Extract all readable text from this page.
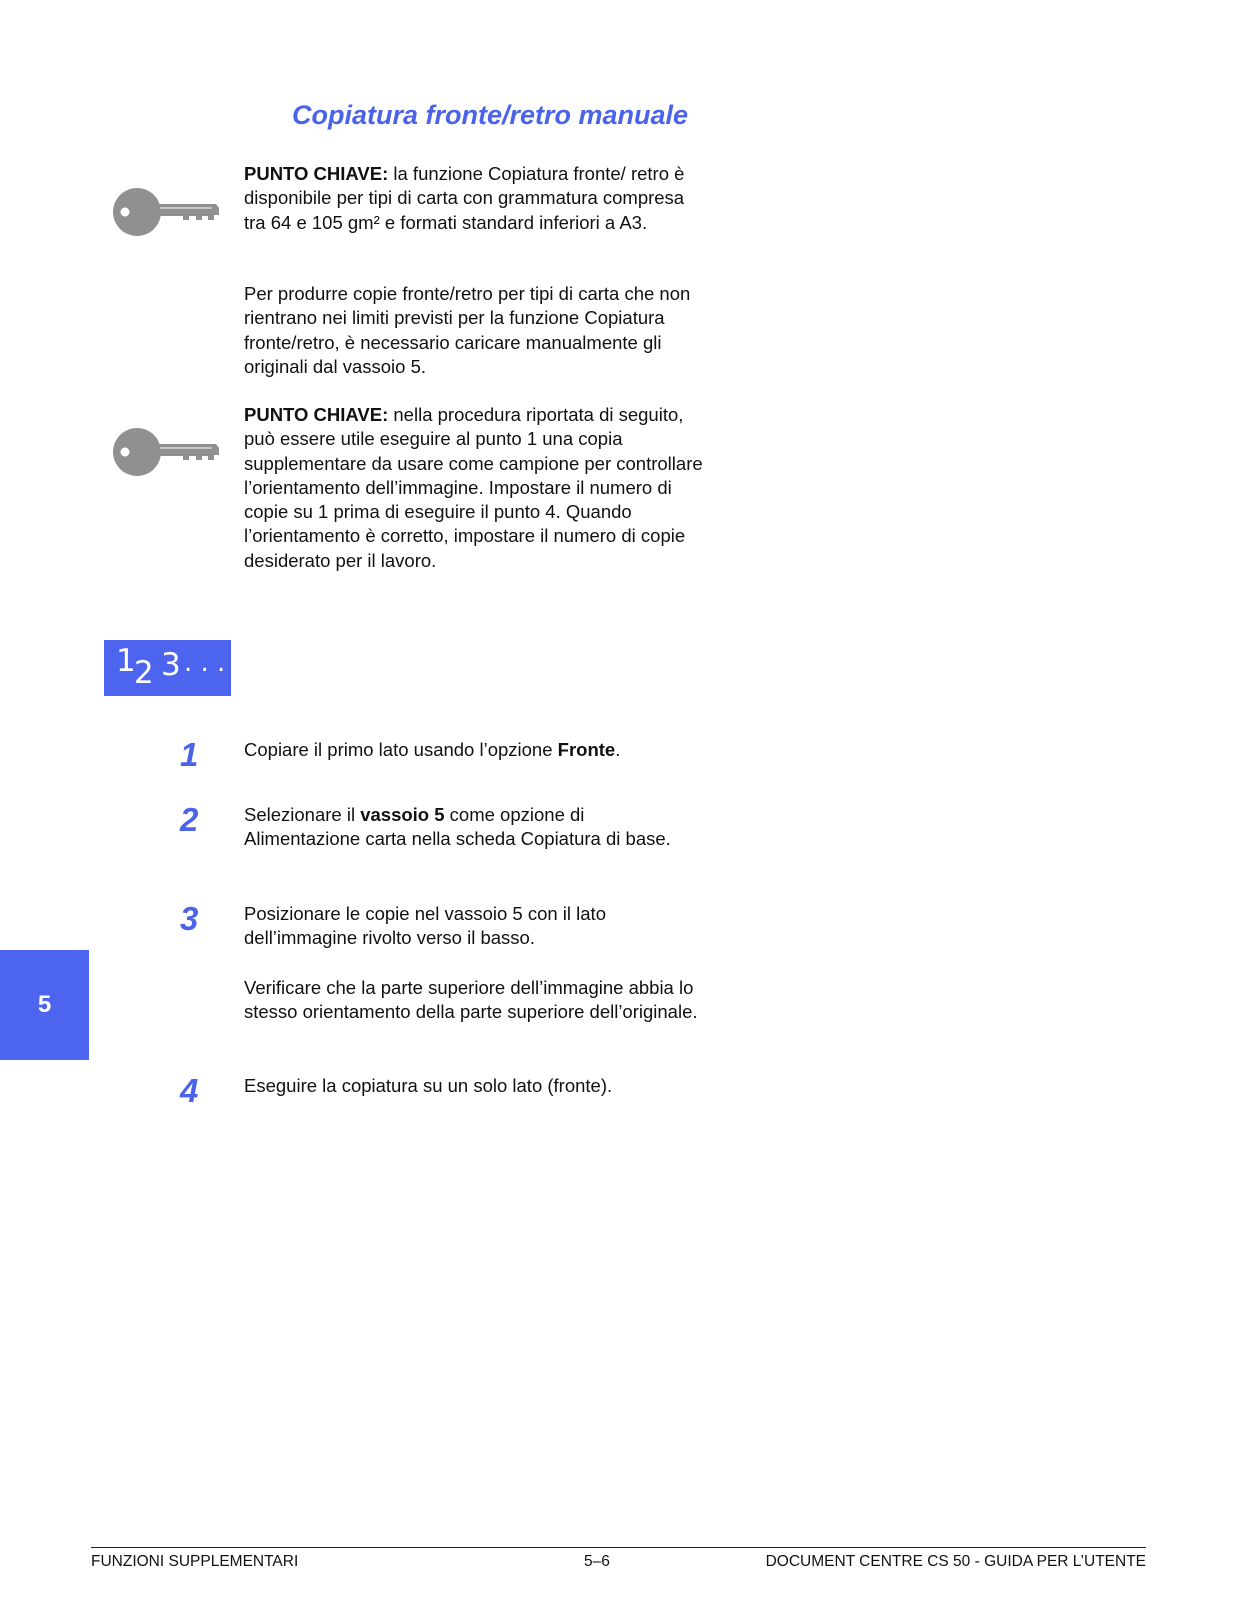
Copiatura fronte/retro manuale

PUNTO CHIAVE: la funzione Copiatura fronte/ retro è disponibile per tipi di carta con grammatura compresa tra 64 e 105 gm² e formati standard inferiori a A3.

Per produrre copie fronte/retro per tipi di carta che non rientrano nei limiti previsti per la funzione Copiatura fronte/retro, è necessario caricare manualmente gli originali dal vassoio 5.

PUNTO CHIAVE: nella procedura riportata di seguito, può essere utile eseguire al punto 1 una copia supplementare da usare come campione per controllare l’orientamento dell’immagine. Impostare il numero di copie su 1 prima di eseguire il punto 4. Quando l’orientamento è corretto, impostare il numero di copie desiderato per il lavoro.

1
2 3 . . .
1 Copiare il primo lato usando l’opzione Fronte.

2 Selezionare il vassoio 5 come opzione di Alimentazione carta nella scheda Copiatura di base.

3 Posizionare le copie nel vassoio 5 con il lato dell’immagine rivolto verso il basso.

Verificare che la parte superiore dell’immagine abbia lo stesso orientamento della parte superiore dell’originale.

4 Eseguire la copiatura su un solo lato (fronte).

5
FUNZIONI SUPPLEMENTARI	5–6	DOCUMENT CENTRE CS 50 - GUIDA PER L’UTENTE
